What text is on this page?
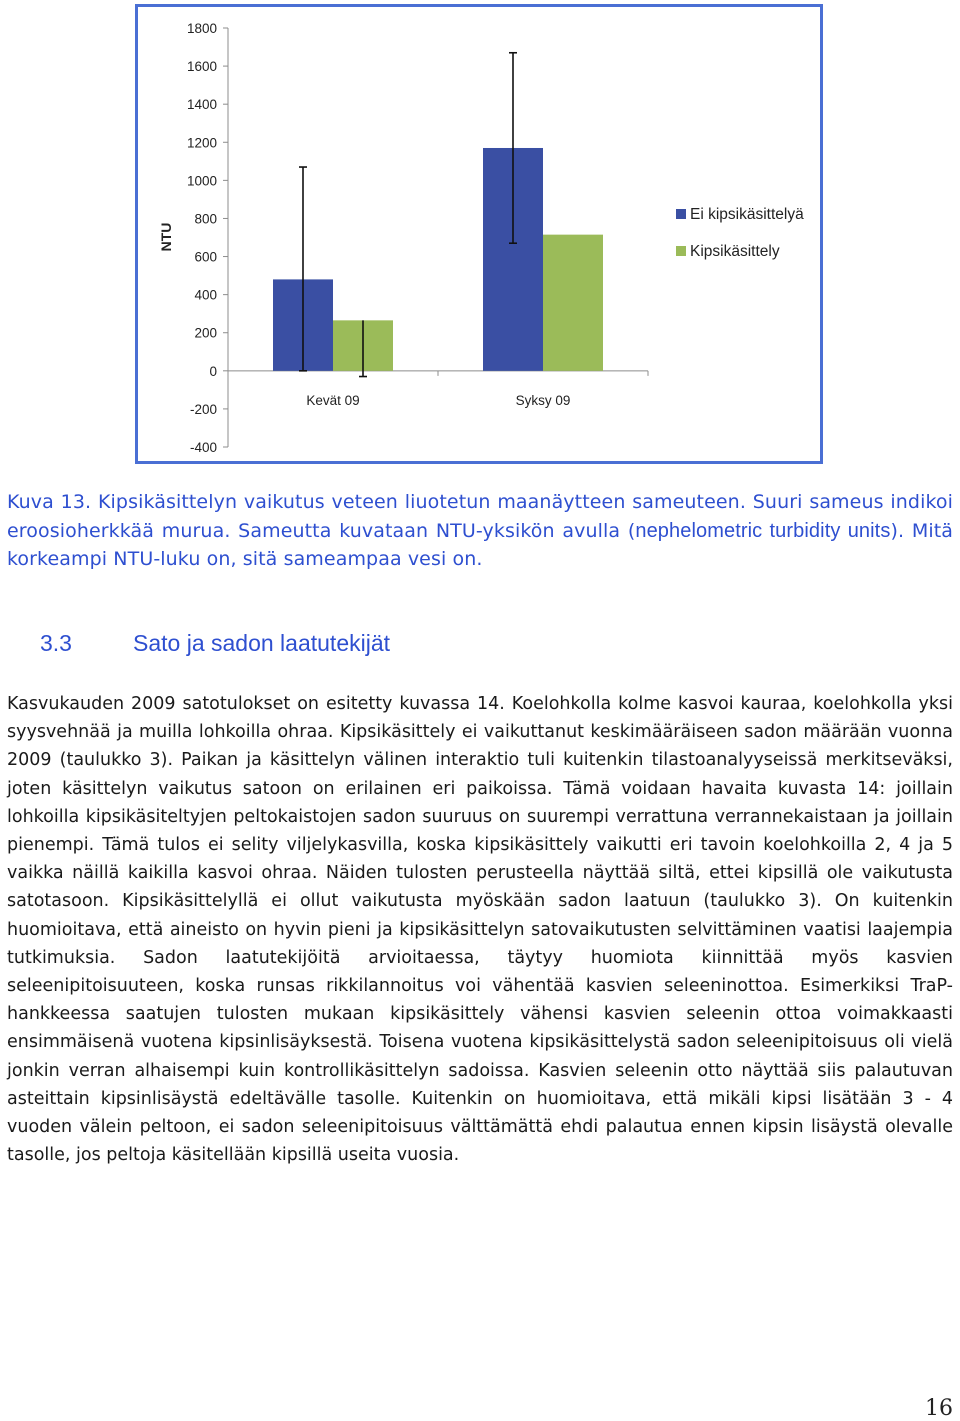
-400
-200
0
200
400
600
800
1000
1200
1400
1600
1800
NTU
Kevät 09	Syksy 09
Ei kipsikäsittelyä
Kipsikäsittely

Kuva 13. Kipsikäsittelyn vaikutus veteen liuotetun maanäytteen sameuteen. Suuri sameus indikoi eroosioherkkää murua. Sameutta kuvataan NTU-yksikön avulla (nephelometric turbidity units). Mitä korkeampi NTU-luku on, sitä sameampaa vesi on.

3.3	Sato ja sadon laatutekijät

Kasvukauden 2009 satotulokset on esitetty kuvassa 14. Koelohkolla kolme kasvoi kauraa, koelohkolla yksi syysvehnää ja muilla lohkoilla ohraa. Kipsikäsittely ei vaikuttanut keskimääräiseen sadon määrään vuonna 2009 (taulukko 3). Paikan ja käsittelyn välinen interaktio tuli kuitenkin tilastoanalyyseissä merkitseväksi, joten käsittelyn vaikutus satoon on erilainen eri paikoissa. Tämä voidaan havaita kuvasta 14: joillain lohkoilla kipsikäsiteltyjen peltokaistojen sadon suuruus on suurempi verrattuna verrannekaistaan ja joillain pienempi. Tämä tulos ei selity viljelykasvilla, koska kipsikäsittely vaikutti eri tavoin koelohkoilla 2, 4 ja 5 vaikka näillä kaikilla kasvoi ohraa. Näiden tulosten perusteella näyttää siltä, ettei kipsillä ole vaikutusta satotasoon. Kipsikäsittelyllä ei ollut vaikutusta myöskään sadon laatuun (taulukko 3). On kuitenkin huomioitava, että aineisto on hyvin pieni ja kipsikäsittelyn satovaikutusten selvittäminen vaatisi laajempia tutkimuksia. Sadon laatutekijöitä arvioitaessa, täytyy huomiota kiinnittää myös kasvien seleenipitoisuuteen, koska runsas rikkilannoitus voi vähentää kasvien seleeninottoa. Esimerkiksi TraP-hankkeessa saatujen tulosten mukaan kipsikäsittely vähensi kasvien seleenin ottoa voimakkaasti ensimmäisenä vuotena kipsinlisäyksestä. Toisena vuotena kipsikäsittelystä sadon seleenipitoisuus oli vielä jonkin verran alhaisempi kuin kontrollikäsittelyn sadoissa. Kasvien seleenin otto näyttää siis palautuvan asteittain kipsinlisäystä edeltävälle tasolle. Kuitenkin on huomioitava, että mikäli kipsi lisätään 3 - 4 vuoden välein peltoon, ei sadon seleenipitoisuus välttämättä ehdi palautua ennen kipsin lisäystä olevalle tasolle, jos peltoja käsitellään kipsillä useita vuosia.

16
